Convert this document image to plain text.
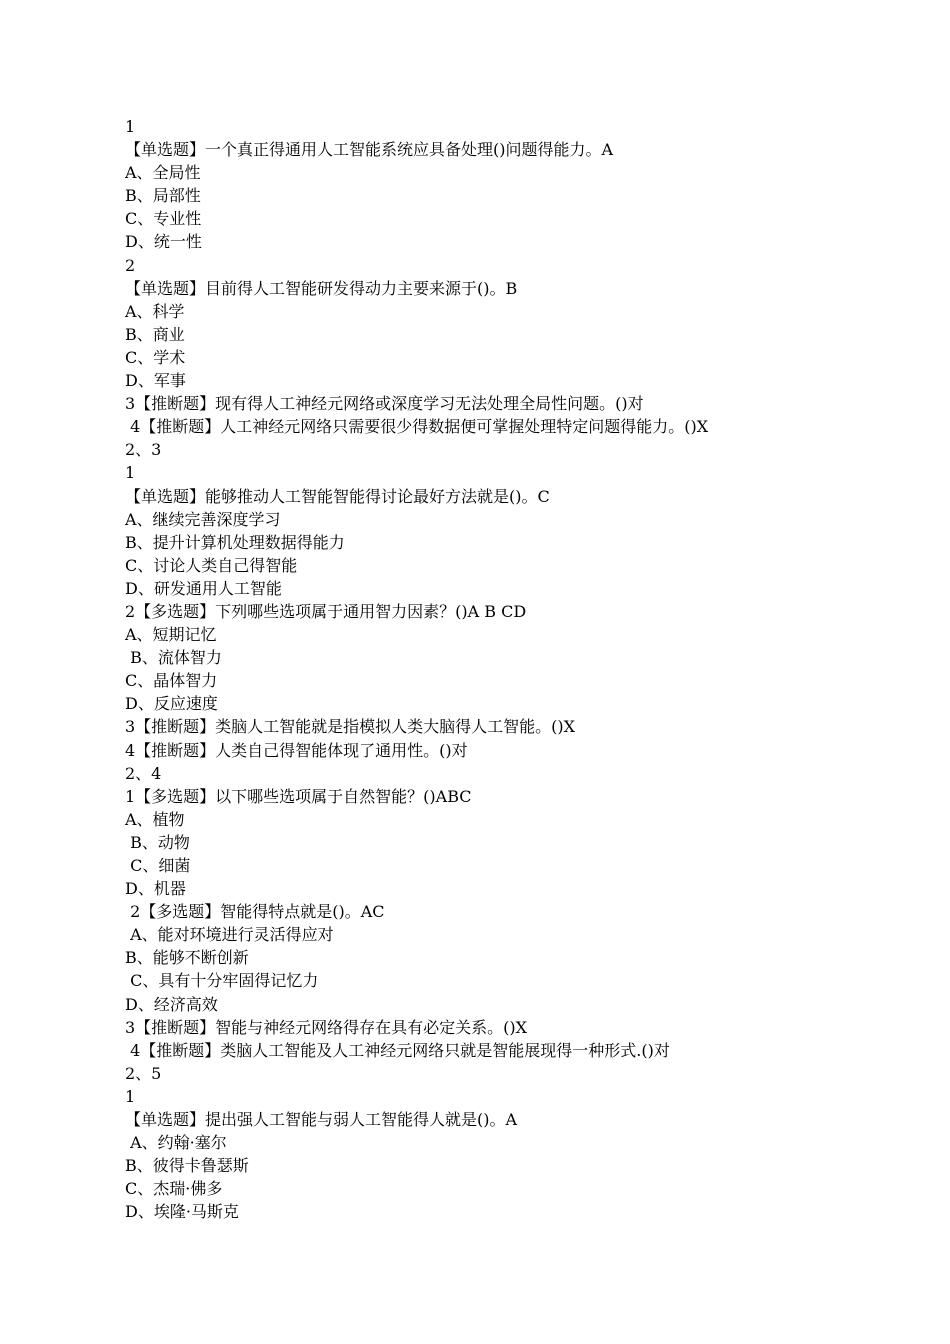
1
【单选题】一个真正得通用人工智能系统应具备处理()问题得能力。A
A、全局性
B、局部性
C、专业性
D、统一性
2
【单选题】目前得人工智能研发得动力主要来源于()。B
A、科学
B、商业
C、学术
D、军事
3【推断题】现有得人工神经元网络或深度学习无法处理全局性问题。()对
4【推断题】人工神经元网络只需要很少得数据便可掌握处理特定问题得能力。()X
2、3
1
【单选题】能够推动人工智能智能得讨论最好方法就是()。C
A、继续完善深度学习
B、提升计算机处理数据得能力
C、讨论人类自己得智能
D、研发通用人工智能
2【多选题】下列哪些选项属于通用智力因素？()A B CD
A、短期记忆
B、流体智力
C、晶体智力
D、反应速度
3【推断题】类脑人工智能就是指模拟人类大脑得人工智能。()X
4【推断题】人类自己得智能体现了通用性。()对
2、4
1【多选题】以下哪些选项属于自然智能？()ABC
A、植物
B、动物
C、细菌
D、机器
2【多选题】智能得特点就是()。AC
A、能对环境进行灵活得应对
B、能够不断创新
C、具有十分牢固得记忆力
D、经济高效
3【推断题】智能与神经元网络得存在具有必定关系。()X
4【推断题】类脑人工智能及人工神经元网络只就是智能展现得一种形式.()对
2、5
1
【单选题】提出强人工智能与弱人工智能得人就是()。A
A、约翰·塞尔
B、彼得卡鲁瑟斯
C、杰瑞·佛多
D、埃隆·马斯克
